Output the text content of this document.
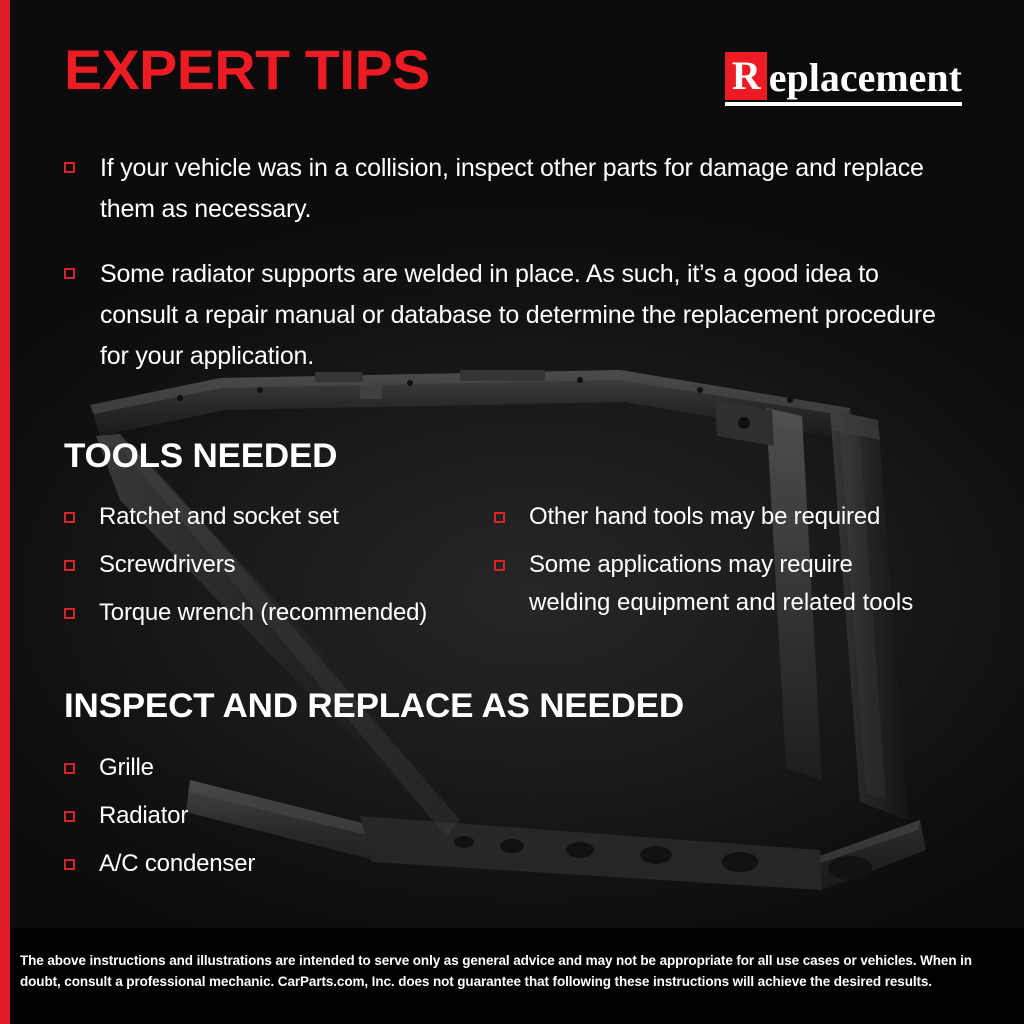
EXPERT TIPS	R eplacement
If your vehicle was in a collision, inspect other parts for damage and replace them as necessary.
Some radiator supports are welded in place. As such, it’s a good idea to consult a repair manual or database to determine the replacement procedure for your application.
TOOLS NEEDED
Ratchet and socket set
Screwdrivers
Torque wrench (recommended)
Other hand tools may be required
Some applications may require
welding equipment and related tools
INSPECT AND REPLACE AS NEEDED
Grille
Radiator
A/C condenser
The above instructions and illustrations are intended to serve only as general advice and may not be appropriate for all use cases or vehicles. When in doubt, consult a professional mechanic. CarParts.com, Inc. does not guarantee that following these instructions will achieve the desired results.
